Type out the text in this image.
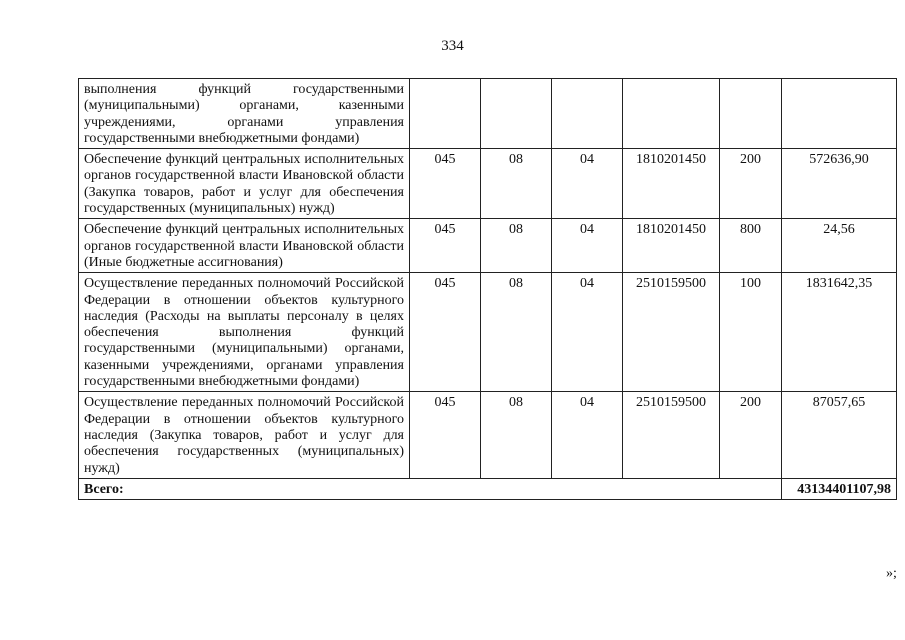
334
выполнения функций государственными (муниципальными) органами, казенными учреждениями, органами управления государственными внебюджетными фондами)						
Обеспечение функций центральных исполнительных органов государственной власти Ивановской области (Закупка товаров, работ и услуг для обеспечения государственных (муниципальных) нужд)	045	08	04	1810201450	200	572636,90
Обеспечение функций центральных исполнительных органов государственной власти Ивановской области (Иные бюджетные ассигнования)	045	08	04	1810201450	800	24,56
Осуществление переданных полномочий Российской Федерации в отношении объектов культурного наследия (Расходы на выплаты персоналу в целях обеспечения выполнения функций государственными (муниципальными) органами, казенными учреждениями, органами управления государственными внебюджетными фондами)	045	08	04	2510159500	100	1831642,35
Осуществление переданных полномочий Российской Федерации в отношении объектов культурного наследия (Закупка товаров, работ и услуг для обеспечения государственных (муниципальных) нужд)	045	08	04	2510159500	200	87057,65
Всего:						43134401107,98
»;
